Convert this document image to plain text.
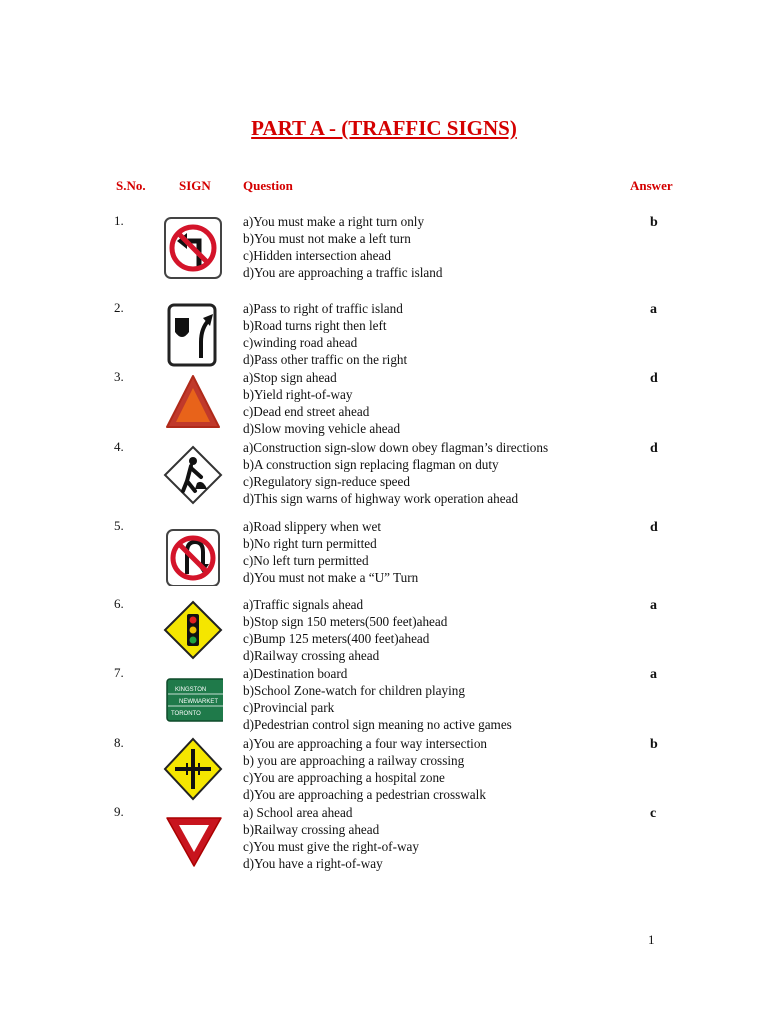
PART A - (TRAFFIC SIGNS)
S.No.	SIGN Question	Answer
1.	a)You must make a right turn only
b)You must not make a left turn
c)Hidden intersection ahead
d)You are approaching a traffic island
b
2.	a)Pass to right of traffic island
b)Road turns right then left
c)winding road ahead
d)Pass other traffic on the right
a
3.	a)Stop sign ahead
b)Yield right-of-way
c)Dead end street ahead
d)Slow moving vehicle ahead
d
4.	a)Construction sign-slow down obey flagman’s directions
b)A construction sign replacing flagman on duty
c)Regulatory sign-reduce speed
d)This sign warns of highway work operation ahead
d
5.	a)Road slippery when wet
b)No right turn permitted
c)No left turn permitted
d)You must not make a “U” Turn
d
6.	a)Traffic signals ahead
b)Stop sign 150 meters(500 feet)ahead
c)Bump 125 meters(400 feet)ahead
d)Railway crossing ahead
a
7.
KINGSTON
NEWMARKET
TORONTO
a)Destination board
b)School Zone-watch for children playing
c)Provincial park
d)Pedestrian control sign meaning no active games
a
8.	a)You are approaching a four way intersection
b) you are approaching a railway crossing
c)You are approaching a hospital zone
d)You are approaching a pedestrian crosswalk
b
9.	a) School area ahead
b)Railway crossing ahead
c)You must give the right-of-way
d)You have a right-of-way
c
1
